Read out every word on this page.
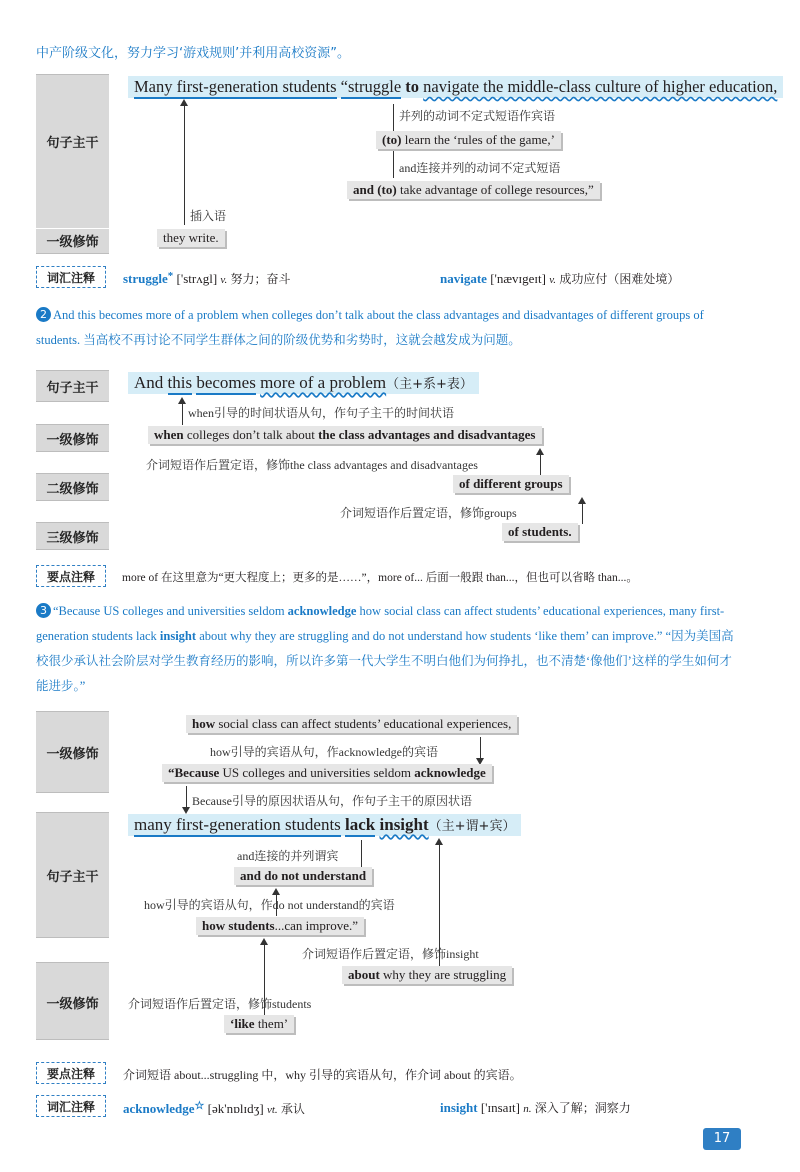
中产阶级文化，努力学习‘游戏规则’并利用高校资源”。
句子主干
一级修饰
Many first-generation students “struggle to navigate the middle-class culture of higher education,
并列的动词不定式短语作宾语
(to) learn the ‘rules of the game,’
and连接并列的动词不定式短语
and (to) take advantage of college resources,”
插入语
they write.
词汇注释	struggle* ['strʌgl] v. 努力；奋斗	navigate ['nævɪgeɪt] v. 成功应付（困难处境）
2 And this becomes more of a problem when colleges don’t talk about the class advantages and disadvantages of different groups of students. 当高校不再讨论不同学生群体之间的阶级优势和劣势时，这就会越发成为问题。
句子主干
一级修饰
二级修饰
三级修饰
And this becomes more of a problem（主+系+表）
when引导的时间状语从句，作句子主干的时间状语
when colleges don’t talk about the class advantages and disadvantages
介词短语作后置定语，修饰the class advantages and disadvantages
of different groups
介词短语作后置定语，修饰groups
of students.
要点注释	more of 在这里意为“更大程度上；更多的是……”，more of... 后面一般跟 than...，但也可以省略 than...。
3 “Because US colleges and universities seldom acknowledge how social class can affect students’ educational experiences, many first-generation students lack insight about why they are struggling and do not understand how students ‘like them’ can improve.” “因为美国高校很少承认社会阶层对学生教育经历的影响，所以许多第一代大学生不明白他们为何挣扎，也不清楚‘像他们’这样的学生如何才能进步。”
一级修饰
句子主干
一级修饰
how social class can affect students’ educational experiences,
how引导的宾语从句，作acknowledge的宾语
“Because US colleges and universities seldom acknowledge
Because引导的原因状语从句，作句子主干的原因状语
many first-generation students lack insight（主+谓+宾）
and连接的并列谓宾
and do not understand
how引导的宾语从句，作do not understand的宾语
how students...can improve.”
介词短语作后置定语，修饰insight
about why they are struggling
介词短语作后置定语，修饰students
‘like them’
要点注释	介词短语 about...struggling 中，why 引导的宾语从句，作介词 about 的宾语。
词汇注释	acknowledge☆ [ək'nɒlɪdʒ] vt. 承认	insight ['ɪnsaɪt] n. 深入了解；洞察力
17
